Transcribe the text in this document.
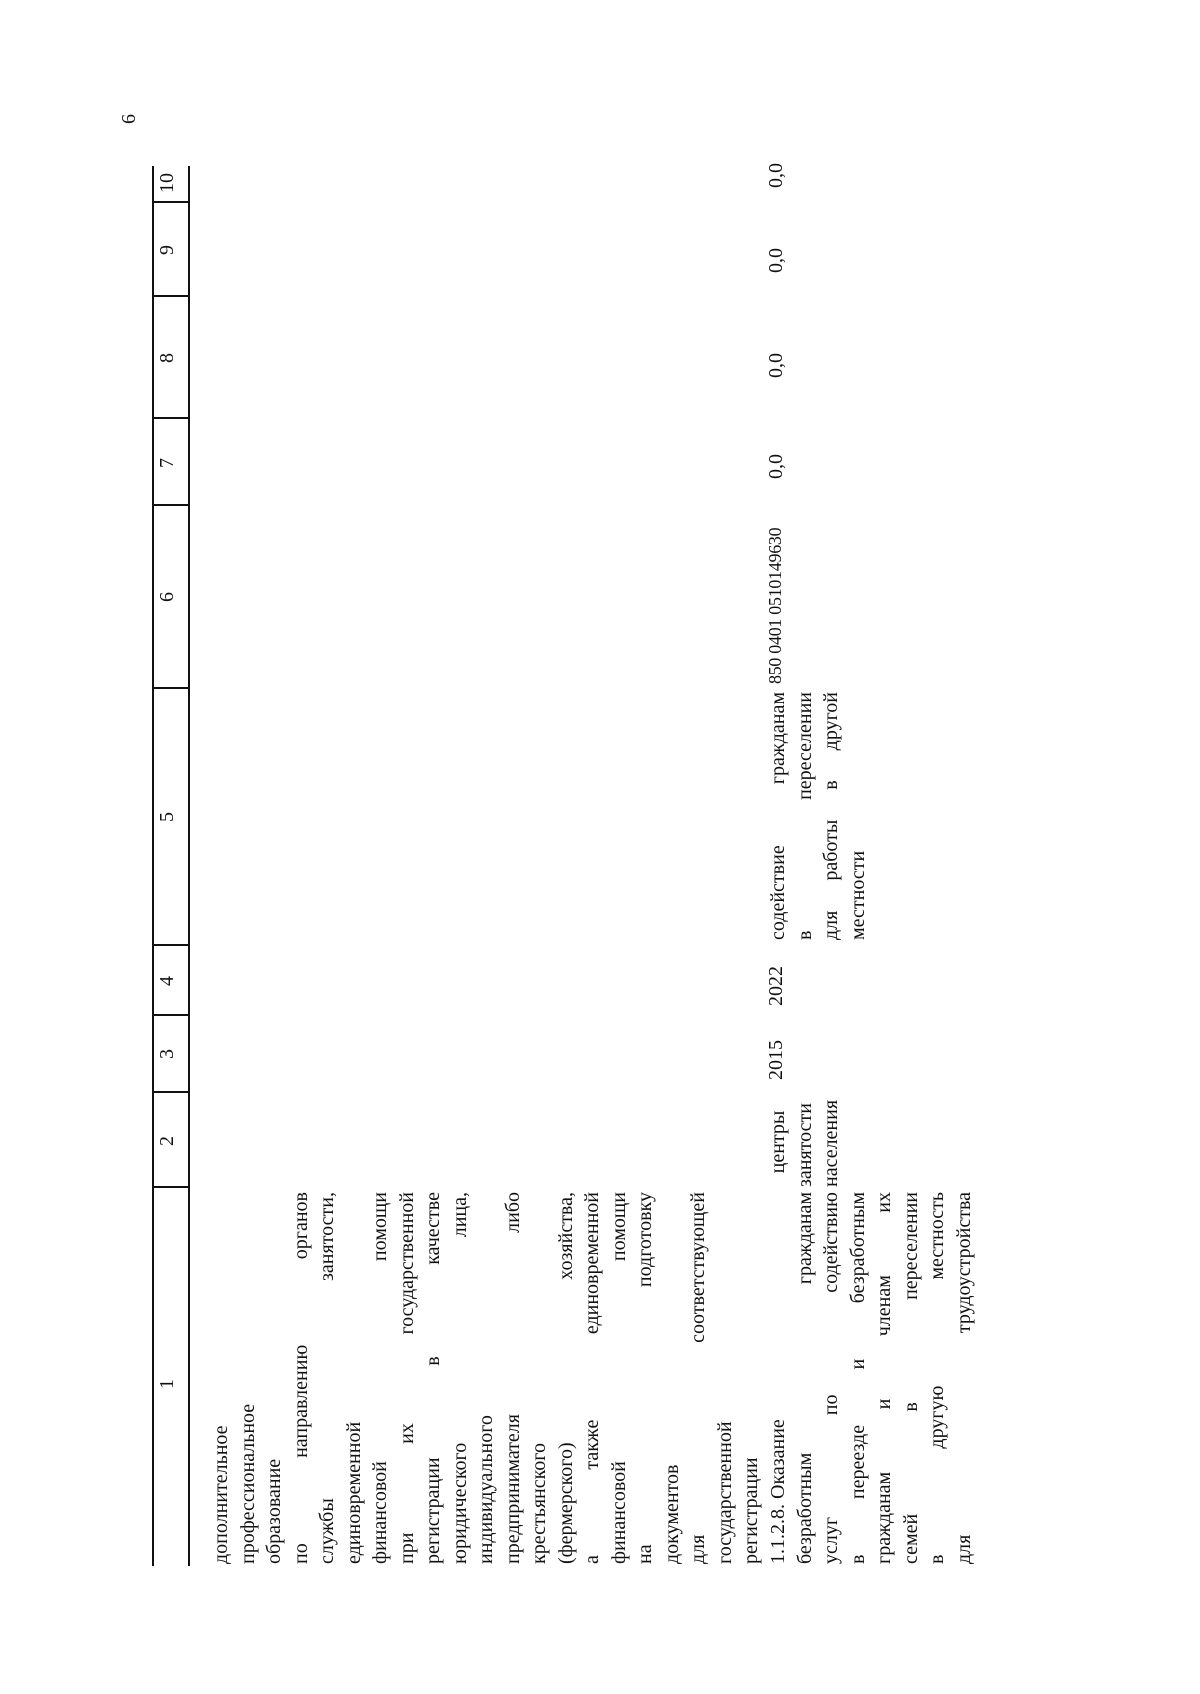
6
1
2
3
4
5
6
7
8
9
10
дополнительное профессиональное образование по направлению органов службы занятости, единовременной финансовой помощи при их государственной регистрации в качестве юридического лица, индивидуального предпринимателя либо крестьянского (фермерского) хозяйства, а также единовременной финансовой помощи на подготовку документов для соответствующей государственной регистрации 1.1.2.8. Оказание безработным гражданам услуг по содействию в переезде и безработным гражданам и членам их семей в переселении в другую местность для трудоустройства
центры занятости населения
2015
2022
содействие гражданам в переселении для работы в другой местности
850 0401 0510149630
0,0
0,0
0,0
0,0
